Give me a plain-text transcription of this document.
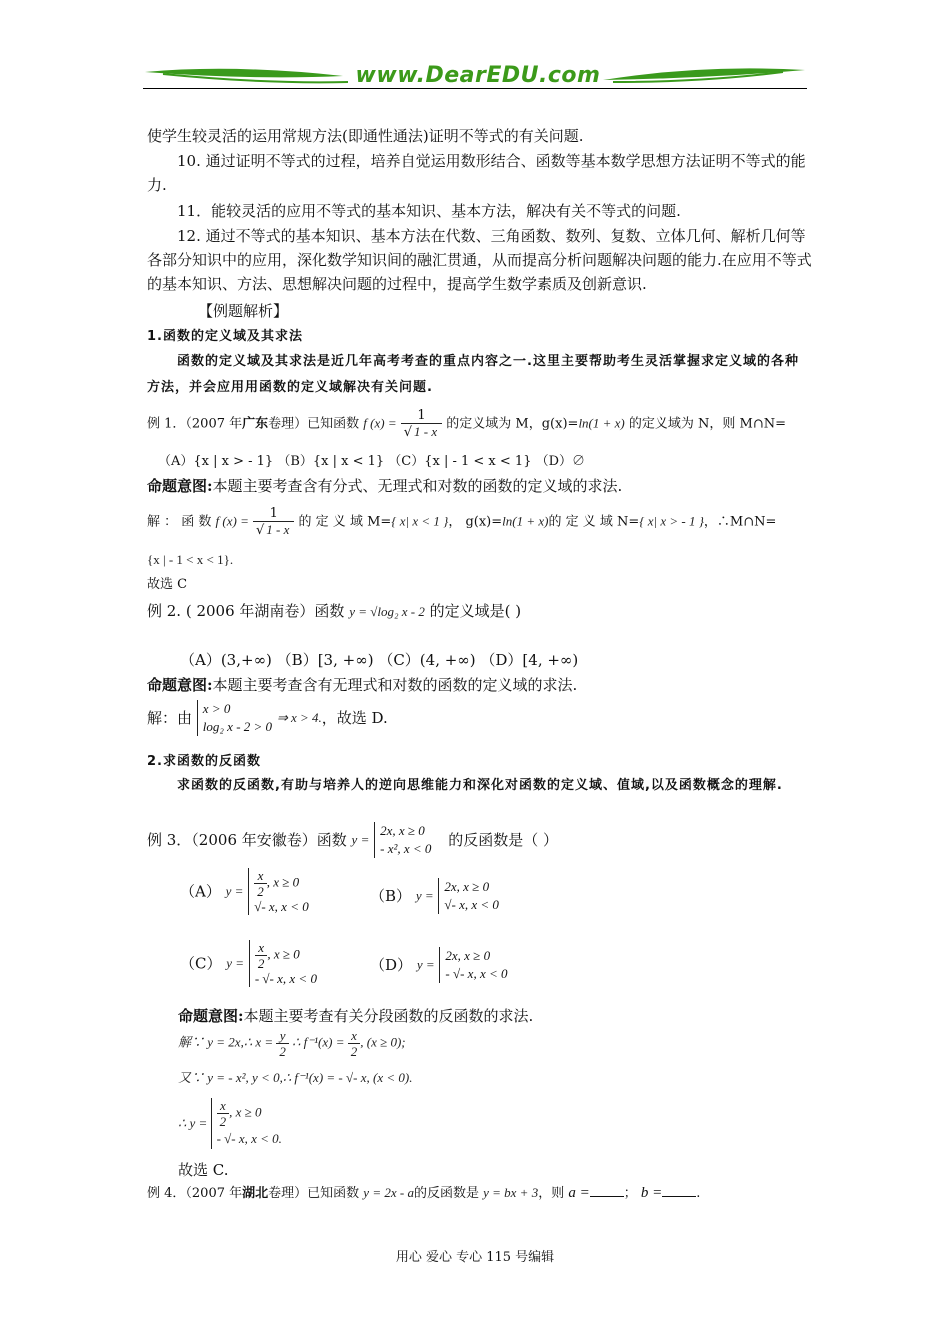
www.DearEDU.com
使学生较灵活的运用常规方法(即通性通法)证明不等式的有关问题.
10. 通过证明不等式的过程，培养自觉运用数形结合、函数等基本数学思想方法证明不等式的能力.
11．能较灵活的应用不等式的基本知识、基本方法，解决有关不等式的问题.
12. 通过不等式的基本知识、基本方法在代数、三角函数、数列、复数、立体几何、解析几何等各部分知识中的应用，深化数学知识间的融汇贯通，从而提高分析问题解决问题的能力.在应用不等式的基本知识、方法、思想解决问题的过程中，提高学生数学素质及创新意识.
【例题解析】
1.函数的定义域及其求法
函数的定义域及其求法是近几年高考考查的重点内容之一.这里主要帮助考生灵活掌握求定义域的各种方法，并会应用用函数的定义域解决有关问题.
例 1．（2007 年广东卷理）已知函数 f $(x) = \frac{1}{√ 1 - x}$ 的定义域为 M，g(x)=ln(1 + x) 的定义域为 N，则 M∩N=
（A）{x | x > - 1} （B）{x | x < 1} （C）{x | - 1 < x < 1} （D）∅
命题意图:本题主要考查含有分式、无理式和对数的函数的定义域的求法.
解 ： 函 数 f $(x) = \frac{1}{√ 1 - x}$ 的 定 义 域 M={ x| x < 1 }， g(x)=ln(1 + x)的 定 义 域 N={ x| x > - 1 }，∴M∩N=
{x | - 1 < x < 1}.
故选 C
例 2. ( 2006 年湖南卷）函数 y = √log₂ x - 2 的定义域是( )
（A）(3,+∞) （B）[3, +∞) （C）(4, +∞) （D）[4, +∞)
命题意图:本题主要考查含有无理式和对数的函数的定义域的求法.
解：由 x > 0
log₂ x - 2 > 0 ⇒ x > 4.，故选 D.
2.求函数的反函数
求函数的反函数,有助与培养人的逆向思维能力和深化对函数的定义域、值域,以及函数概念的理解.
例 3．（2006 年安徽卷）函数 y = 2x, x ≥ 0
- x², x < 0 的反函数是（ ）
（A） $y = \frac{x}{2}$ , x ≥ 0
√- x, x < 0
（B） y = 2x, x ≥ 0
√- x, x < 0
（C） $y = \frac{x}{2}$ , x ≥ 0
- √- x, x < 0
（D） y = 2x, x ≥ 0
- √- x, x < 0
命题意图:本题主要考查有关分段函数的反函数的求法.
解∵ y = 2x,∴ $x = \frac{y}{2}$ ∴ $f^{-1}(x) = \frac{x}{2}$ , (x ≥ 0);
又∵ y = - x², y < 0,∴ f⁻¹(x) = - √- x, (x < 0).
∴ $y = \frac{x}{2}$ , x ≥ 0
- √- x, x < 0.
故选 C.
例 4．（2007 年湖北卷理）已知函数 y = 2x - a的反函数是 y = bx + 3，则 a =	； b =	.
用心 爱心 专心 115 号编辑
